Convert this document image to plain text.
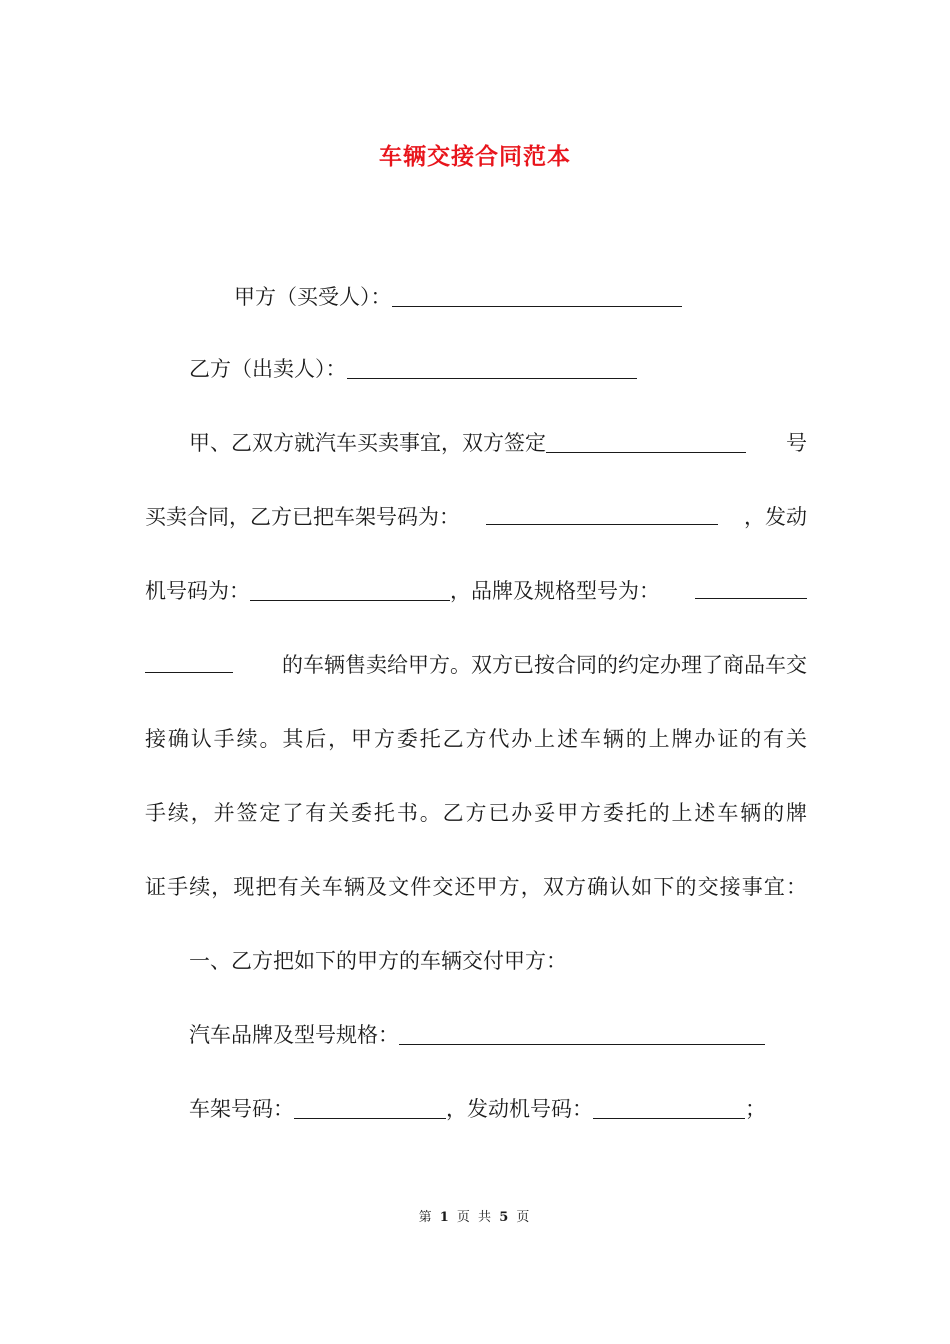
车辆交接合同范本
甲方（买受人）：
乙方（出卖人）：
甲、乙双方就汽车买卖事宜，双方签定	号
买卖合同，乙方已把车架号码为：	，发动
机号码为：	，品牌及规格型号为：
的车辆售卖给甲方。双方已按合同的约定办理了商品车交
接确认手续。其后，甲方委托乙方代办上述车辆的上牌办证的有关
手续，并签定了有关委托书。乙方已办妥甲方委托的上述车辆的牌
证手续，现把有关车辆及文件交还甲方，双方确认如下的交接事宜：
一、乙方把如下的甲方的车辆交付甲方：
汽车品牌及型号规格：
车架号码：	，发动机号码：	；
第 1 页 共 5 页
